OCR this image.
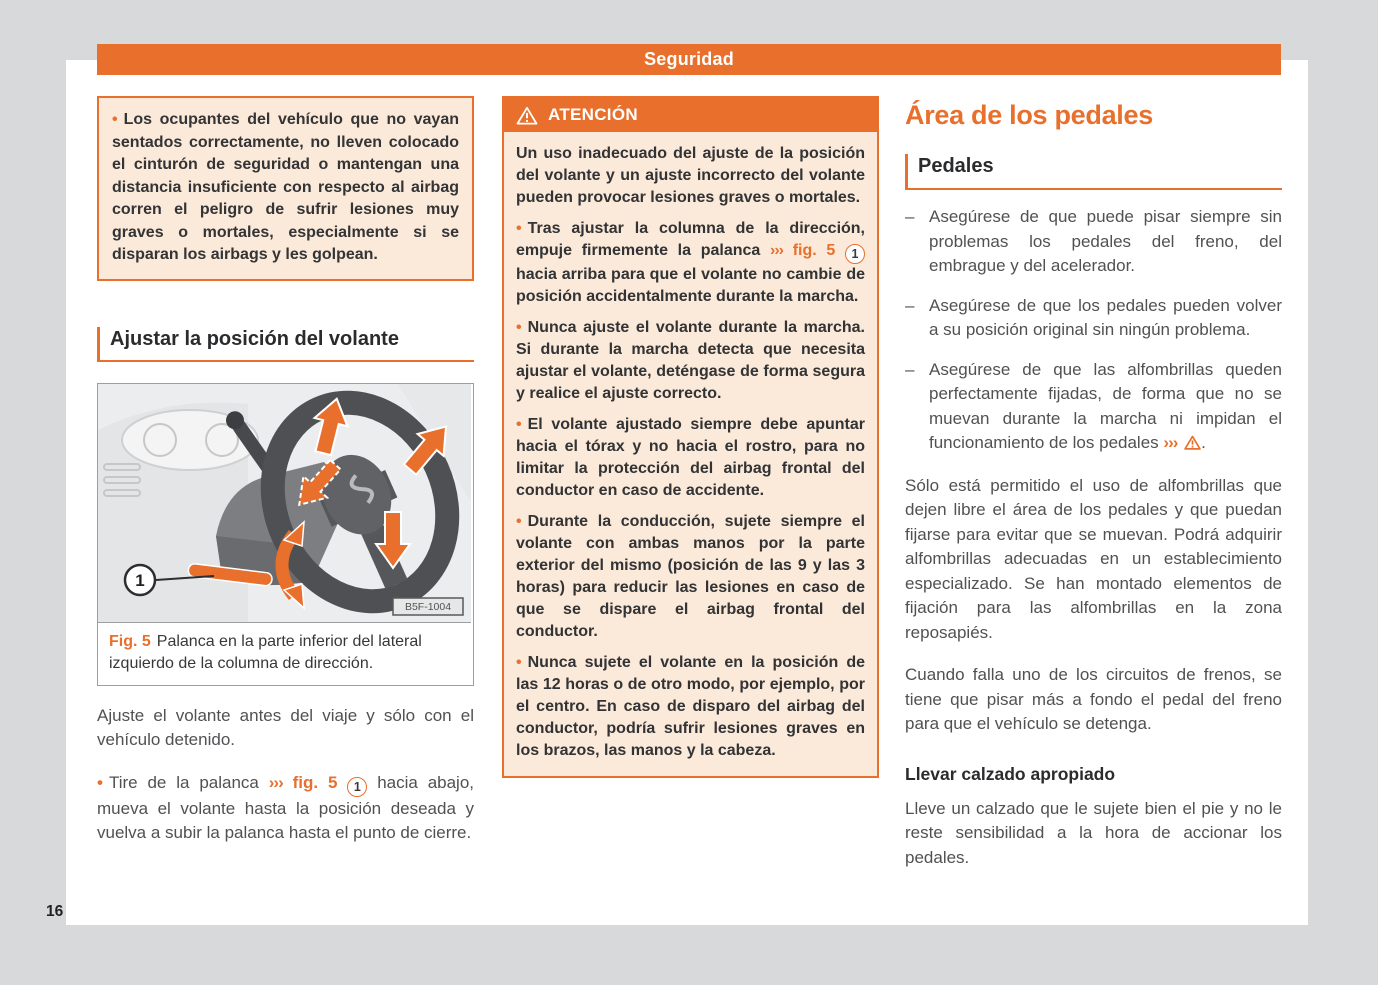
Seguridad
• Los ocupantes del vehículo que no vayan sentados correctamente, no lleven colocado el cinturón de seguridad o mantengan una distancia insuficiente con respecto al airbag corren el peligro de sufrir lesiones muy graves o mortales, especialmente si se disparan los airbags y les golpean.
Ajustar la posición del volante
1
B5F-1004
Fig. 5 Palanca en la parte inferior del lateral izquierdo de la columna de dirección.
Ajuste el volante antes del viaje y sólo con el vehículo detenido.
• Tire de la palanca ››› fig. 5 1 hacia abajo, mueva el volante hasta la posición deseada y vuelva a subir la palanca hasta el punto de cierre.
ATENCIÓN
Un uso inadecuado del ajuste de la posición del volante y un ajuste incorrecto del volante pueden provocar lesiones graves o mortales.
• Tras ajustar la columna de la dirección, empuje firmemente la palanca ››› fig. 5 1 hacia arriba para que el volante no cambie de posición accidentalmente durante la marcha.
• Nunca ajuste el volante durante la marcha. Si durante la marcha detecta que necesita ajustar el volante, deténgase de forma segura y realice el ajuste correcto.
• El volante ajustado siempre debe apuntar hacia el tórax y no hacia el rostro, para no limitar la protección del airbag frontal del conductor en caso de accidente.
• Durante la conducción, sujete siempre el volante con ambas manos por la parte exterior del mismo (posición de las 9 y las 3 horas) para reducir las lesiones en caso de que se dispare el airbag frontal del conductor.
• Nunca sujete el volante en la posición de las 12 horas o de otro modo, por ejemplo, por el centro. En caso de disparo del airbag del conductor, podría sufrir lesiones graves en los brazos, las manos y la cabeza.
Área de los pedales
Pedales
– Asegúrese de que puede pisar siempre sin problemas los pedales del freno, del embrague y del acelerador.
– Asegúrese de que los pedales pueden volver a su posición original sin ningún problema.
– Asegúrese de que las alfombrillas queden perfectamente fijadas, de forma que no se muevan durante la marcha ni impidan el funcionamiento de los pedales ››› .
Sólo está permitido el uso de alfombrillas que dejen libre el área de los pedales y que puedan fijarse para evitar que se muevan. Podrá adquirir alfombrillas adecuadas en un establecimiento especializado. Se han montado elementos de fijación para las alfombrillas en la zona reposapiés.
Cuando falla uno de los circuitos de frenos, se tiene que pisar más a fondo el pedal del freno para que el vehículo se detenga.
Llevar calzado apropiado
Lleve un calzado que le sujete bien el pie y no le reste sensibilidad a la hora de accionar los pedales.
16
